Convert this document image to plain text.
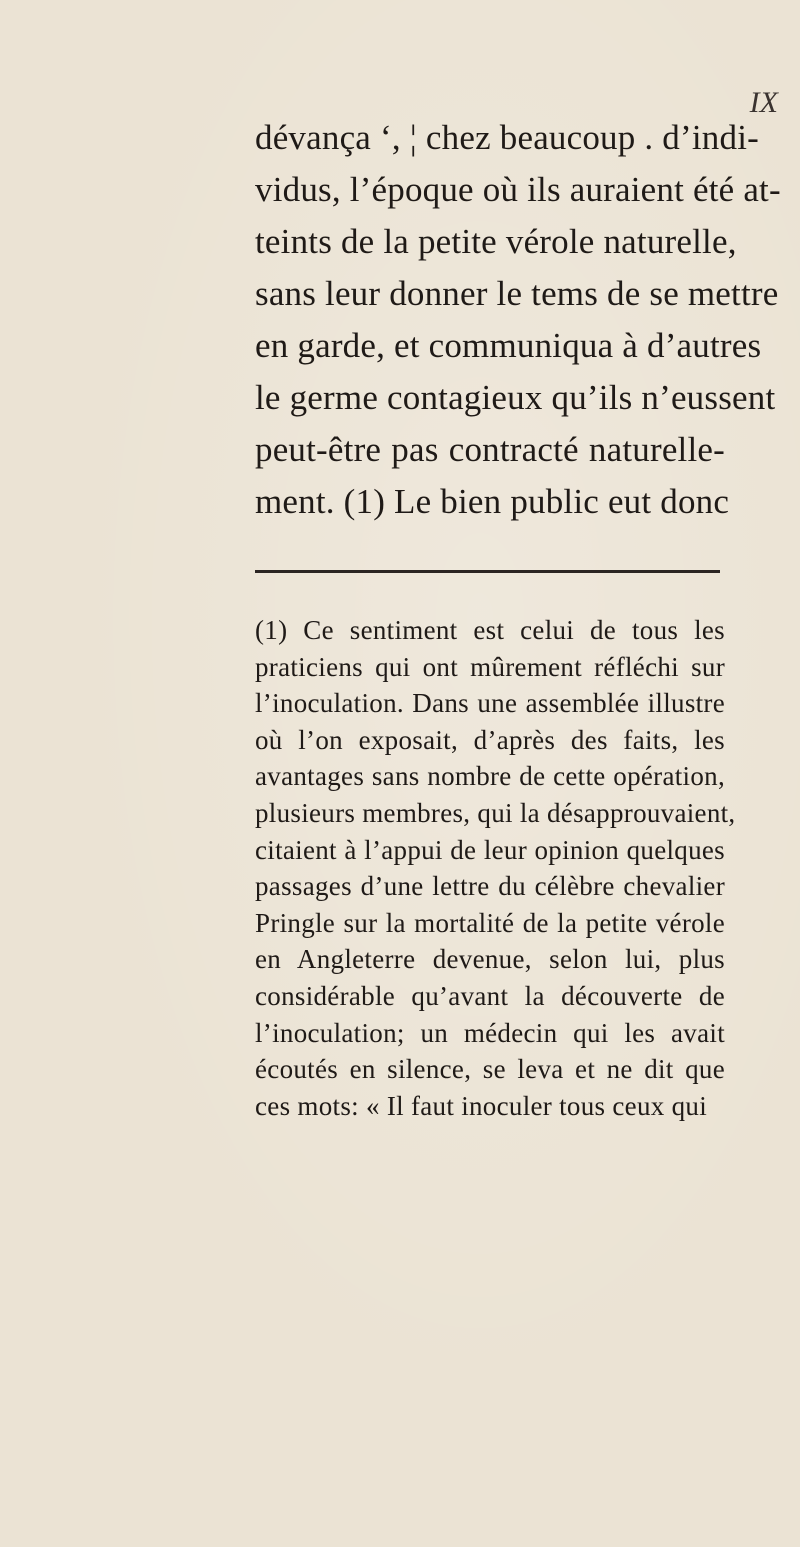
IX
dévança ‘, ¦ chez beaucoup . d’indi-
vidus, l’époque où ils auraient été at-
teints de la petite vérole naturelle,
sans leur donner le tems de se mettre
en garde, et communiqua à d’autres
le germe contagieux qu’ils n’eussent
peut-être pas contracté naturelle-
ment. (1) Le bien public eut donc
(1) Ce sentiment est celui de tous les
praticiens qui ont mûrement réfléchi sur
l’inoculation. Dans une assemblée illustre
où l’on exposait, d’après des faits, les
avantages sans nombre de cette opération,
plusieurs membres, qui la désapprouvaient,
citaient à l’appui de leur opinion quelques
passages d’une lettre du célèbre chevalier
Pringle sur la mortalité de la petite vérole
en Angleterre devenue, selon lui, plus
considérable qu’avant la découverte de
l’inoculation; un médecin qui les avait
écoutés en silence, se leva et ne dit que
ces mots: « Il faut inoculer tous ceux qui
